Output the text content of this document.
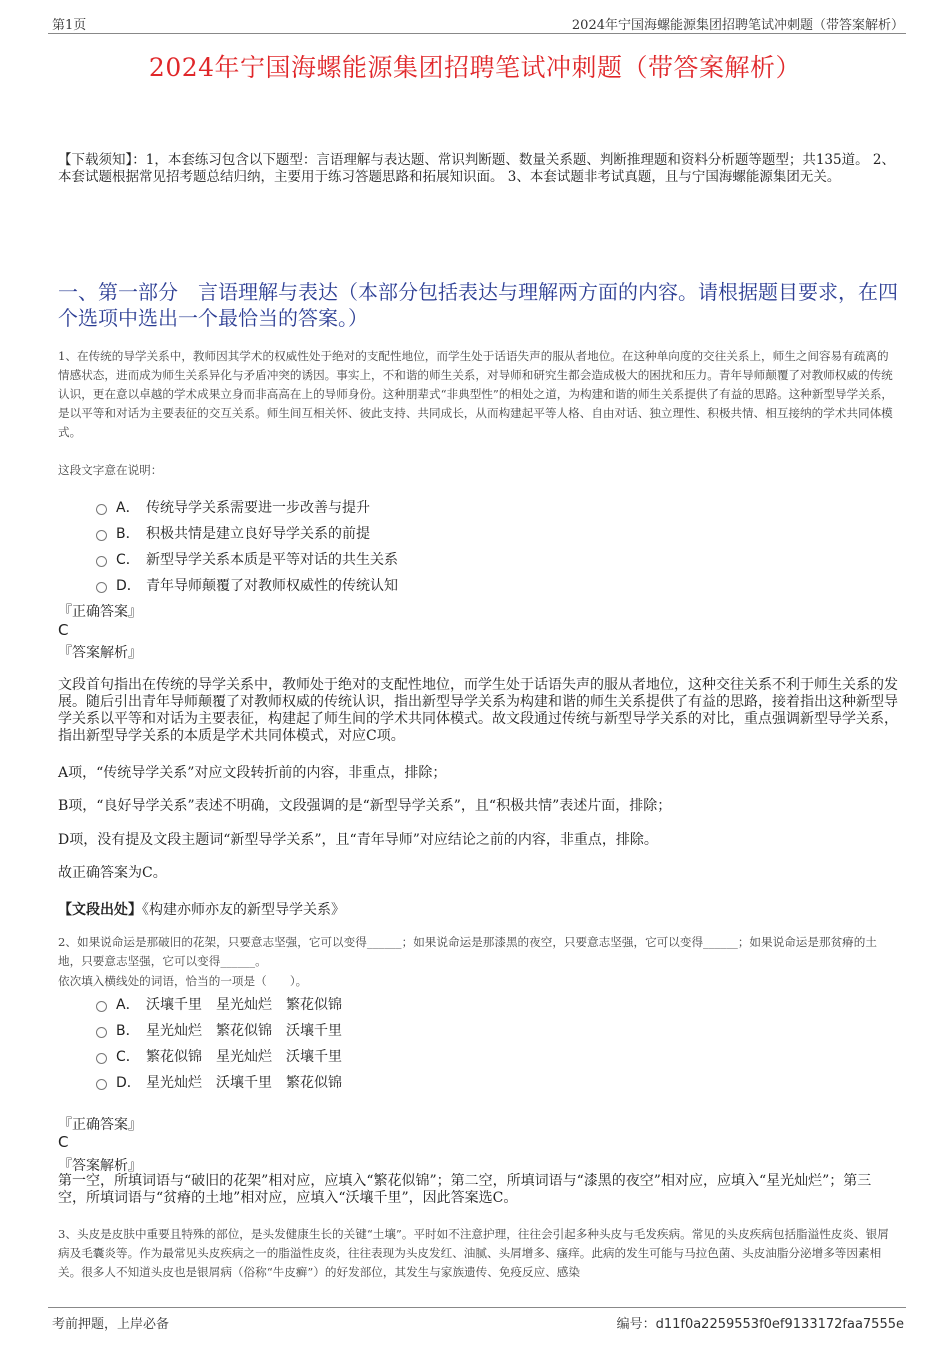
第1页	2024年宁国海螺能源集团招聘笔试冲刺题（带答案解析）
2024年宁国海螺能源集团招聘笔试冲刺题（带答案解析）
【下载须知】：1，本套练习包含以下题型：言语理解与表达题、常识判断题、数量关系题、判断推理题和资料分析题等题型；共135道。 2、本套试题根据常见招考题总结归纳，主要用于练习答题思路和拓展知识面。 3、本套试题非考试真题，且与宁国海螺能源集团无关。
一、第一部分　言语理解与表达（本部分包括表达与理解两方面的内容。请根据题目要求，在四个选项中选出一个最恰当的答案。）
1、在传统的导学关系中，教师因其学术的权威性处于绝对的支配性地位，而学生处于话语失声的服从者地位。在这种单向度的交往关系上，师生之间容易有疏离的情感状态，进而成为师生关系异化与矛盾冲突的诱因。事实上，不和谐的师生关系，对导师和研究生都会造成极大的困扰和压力。青年导师颠覆了对教师权威的传统认识，更在意以卓越的学术成果立身而非高高在上的导师身份。这种朋辈式“非典型性”的相处之道，为构建和谐的师生关系提供了有益的思路。这种新型导学关系，是以平等和对话为主要表征的交互关系。师生间互相关怀、彼此支持、共同成长，从而构建起平等人格、自由对话、独立理性、积极共情、相互接纳的学术共同体模式。
这段文字意在说明：
A． 传统导学关系需要进一步改善与提升
B． 积极共情是建立良好导学关系的前提
C． 新型导学关系本质是平等对话的共生关系
D． 青年导师颠覆了对教师权威性的传统认知
『正确答案』
C
『答案解析』
文段首句指出在传统的导学关系中，教师处于绝对的支配性地位，而学生处于话语失声的服从者地位，这种交往关系不利于师生关系的发展。随后引出青年导师颠覆了对教师权威的传统认识，指出新型导学关系为构建和谐的师生关系提供了有益的思路，接着指出这种新型导学关系以平等和对话为主要表征，构建起了师生间的学术共同体模式。故文段通过传统与新型导学关系的对比，重点强调新型导学关系，指出新型导学关系的本质是学术共同体模式，对应C项。
A项，“传统导学关系”对应文段转折前的内容，非重点，排除；
B项，“良好导学关系”表述不明确，文段强调的是“新型导学关系”，且“积极共情”表述片面，排除；
D项，没有提及文段主题词“新型导学关系”，且“青年导师”对应结论之前的内容，非重点，排除。
故正确答案为C。
【文段出处】《构建亦师亦友的新型导学关系》
2、如果说命运是那破旧的花架，只要意志坚强，它可以变得______；如果说命运是那漆黑的夜空，只要意志坚强，它可以变得______；如果说命运是那贫瘠的土地，只要意志坚强，它可以变得______。
依次填入横线处的词语，恰当的一项是（　　）。
A． 沃壤千里　星光灿烂　繁花似锦
B． 星光灿烂　繁花似锦　沃壤千里
C． 繁花似锦　星光灿烂　沃壤千里
D． 星光灿烂　沃壤千里　繁花似锦
『正确答案』
C
『答案解析』
第一空，所填词语与“破旧的花架”相对应，应填入“繁花似锦”；第二空，所填词语与“漆黑的夜空”相对应，应填入“星光灿烂”；第三空，所填词语与“贫瘠的土地”相对应，应填入“沃壤千里”，因此答案选C。
3、头皮是皮肤中重要且特殊的部位，是头发健康生长的关键“土壤”。平时如不注意护理，往往会引起多种头皮与毛发疾病。常见的头皮疾病包括脂溢性皮炎、银屑病及毛囊炎等。作为最常见头皮疾病之一的脂溢性皮炎，往往表现为头皮发红、油腻、头屑增多、瘙痒。此病的发生可能与马拉色菌、头皮油脂分泌增多等因素相关。很多人不知道头皮也是银屑病（俗称“牛皮癣”）的好发部位，其发生与家族遗传、免疫反应、感染
考前押题，上岸必备	编号：d11f0a2259553f0ef9133172faa7555e
